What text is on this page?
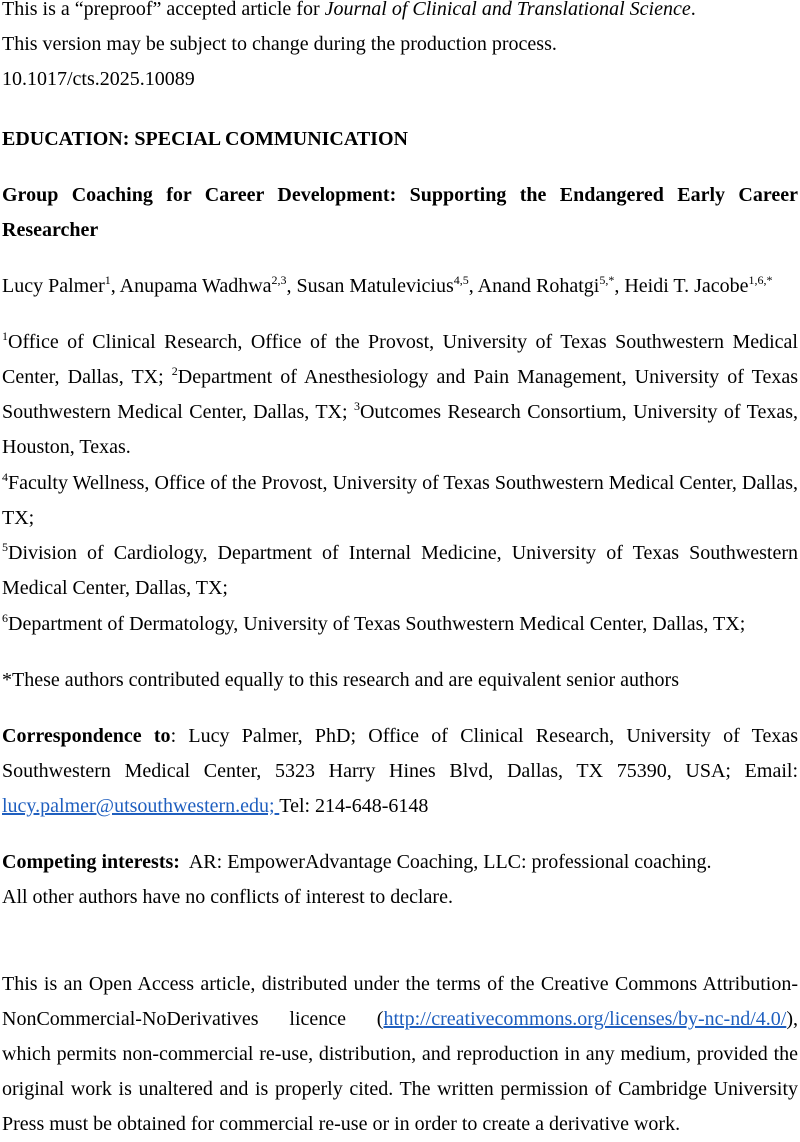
This is a “preproof” accepted article for Journal of Clinical and Translational Science.

This version may be subject to change during the production process.

10.1017/cts.2025.10089

EDUCATION: SPECIAL COMMUNICATION

Group Coaching for Career Development: Supporting the Endangered Early Career Researcher

Lucy Palmer$^1$, Anupama Wadhwa$^{2,3}$, Susan Matulevicius$^{4,5}$, Anand Rohatgi$^{5,*}$, Heidi T. Jacobe$^{1,6,*}$

$^1$Office of Clinical Research, Office of the Provost, University of Texas Southwestern Medical Center, Dallas, TX; $^2$Department of Anesthesiology and Pain Management, University of Texas Southwestern Medical Center, Dallas, TX; $^3$Outcomes Research Consortium, University of Texas, Houston, Texas.

$^4$Faculty Wellness, Office of the Provost, University of Texas Southwestern Medical Center, Dallas, TX;

$^5$Division of Cardiology, Department of Internal Medicine, University of Texas Southwestern Medical Center, Dallas, TX;

$^6$Department of Dermatology, University of Texas Southwestern Medical Center, Dallas, TX;

*These authors contributed equally to this research and are equivalent senior authors

Correspondence to: Lucy Palmer, PhD; Office of Clinical Research, University of Texas Southwestern Medical Center, 5323 Harry Hines Blvd, Dallas, TX 75390, USA; Email: lucy.palmer@utsouthwestern.edu; Tel: 214-648-6148

Competing interests:  AR: EmpowerAdvantage Coaching, LLC: professional coaching.

All other authors have no conflicts of interest to declare.

This is an Open Access article, distributed under the terms of the Creative Commons Attribution-NonCommercial-NoDerivatives licence (http://creativecommons.org/licenses/by-nc-nd/4.0/), which permits non-commercial re-use, distribution, and reproduction in any medium, provided the original work is unaltered and is properly cited. The written permission of Cambridge University Press must be obtained for commercial re-use or in order to create a derivative work.
